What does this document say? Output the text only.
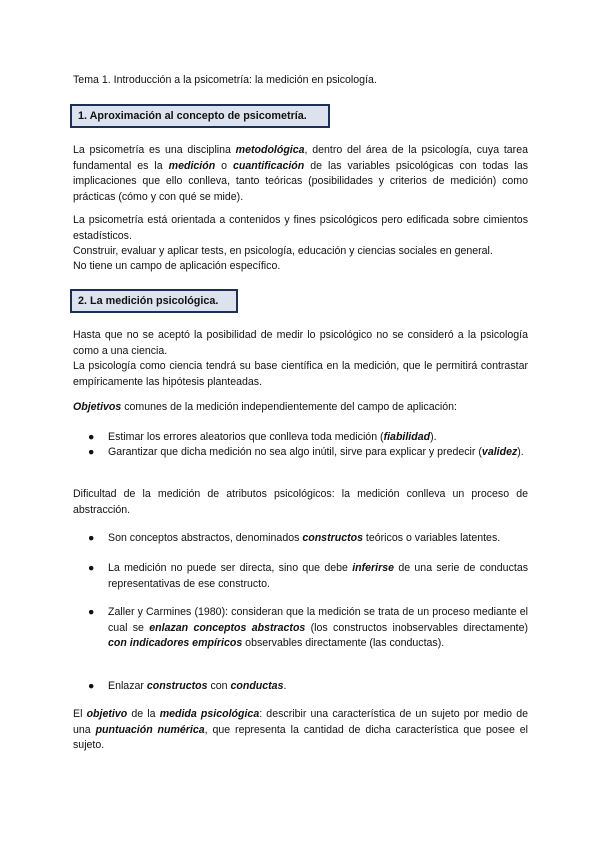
Tema 1. Introducción a la psicometría: la medición en psicología.
1. Aproximación al concepto de psicometría.

La psicometría es una disciplina metodológica, dentro del área de la psicología, cuya tarea fundamental es la medición o cuantificación de las variables psicológicas con todas las implicaciones que ello conlleva, tanto teóricas (posibilidades y criterios de medición) como prácticas (cómo y con qué se mide).

La psicometría está orientada a contenidos y fines psicológicos pero edificada sobre cimientos estadísticos.

Construir, evaluar y aplicar tests, en psicología, educación y ciencias sociales en general.

No tiene un campo de aplicación específico.

2. La medición psicológica.

Hasta que no se aceptó la posibilidad de medir lo psicológico no se consideró a la psicología como a una ciencia.

La psicología como ciencia tendrá su base científica en la medición, que le permitirá contrastar empíricamente las hipótesis planteadas.

Objetivos comunes de la medición independientemente del campo de aplicación:

●	Estimar los errores aleatorios que conlleva toda medición (fiabilidad).
●	Garantizar que dicha medición no sea algo inútil, sirve para explicar y predecir (validez).

Dificultad de la medición de atributos psicológicos: la medición conlleva un proceso de abstracción.

●	Son conceptos abstractos, denominados constructos teóricos o variables latentes.
●	La medición no puede ser directa, sino que debe inferirse de una serie de conductas representativas de ese constructo.
●	Zaller y Carmines (1980): consideran que la medición se trata de un proceso mediante el cual se enlazan conceptos abstractos (los constructos inobservables directamente) con indicadores empíricos observables directamente (las conductas).
●	Enlazar constructos con conductas.

El objetivo de la medida psicológica: describir una característica de un sujeto por medio de una puntuación numérica, que representa la cantidad de dicha característica que posee el sujeto.
